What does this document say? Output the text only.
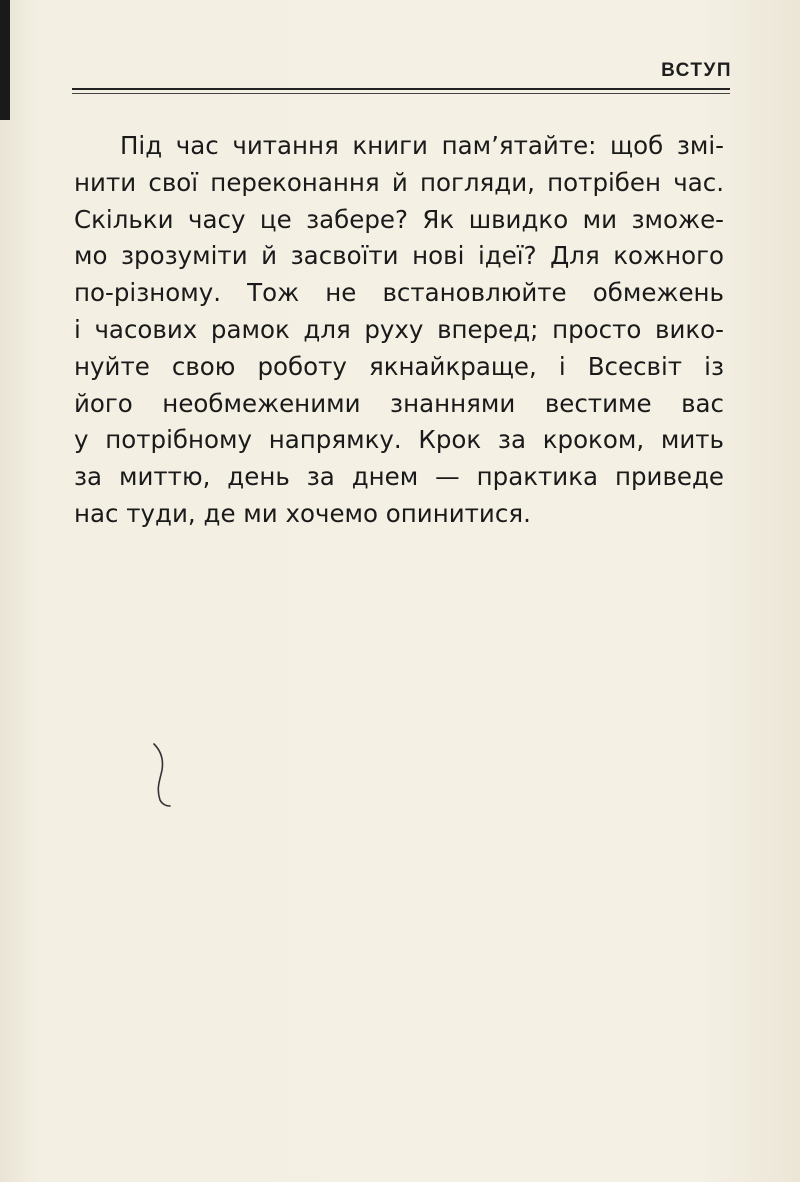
ВСТУП
Під час читання книги пам’ятайте: щоб змі-
нити свої переконання й погляди, потрібен час.
Скільки часу це забере? Як швидко ми зможе-
мо зрозуміти й засвоїти нові ідеї? Для кожного
по-різному. Тож не встановлюйте обмежень
і часових рамок для руху вперед; просто вико-
нуйте свою роботу якнайкраще, і Всесвіт із
його необмеженими знаннями вестиме вас
у потрібному напрямку. Крок за кроком, мить
за миттю, день за днем — практика приведе
нас туди, де ми хочемо опинитися.
